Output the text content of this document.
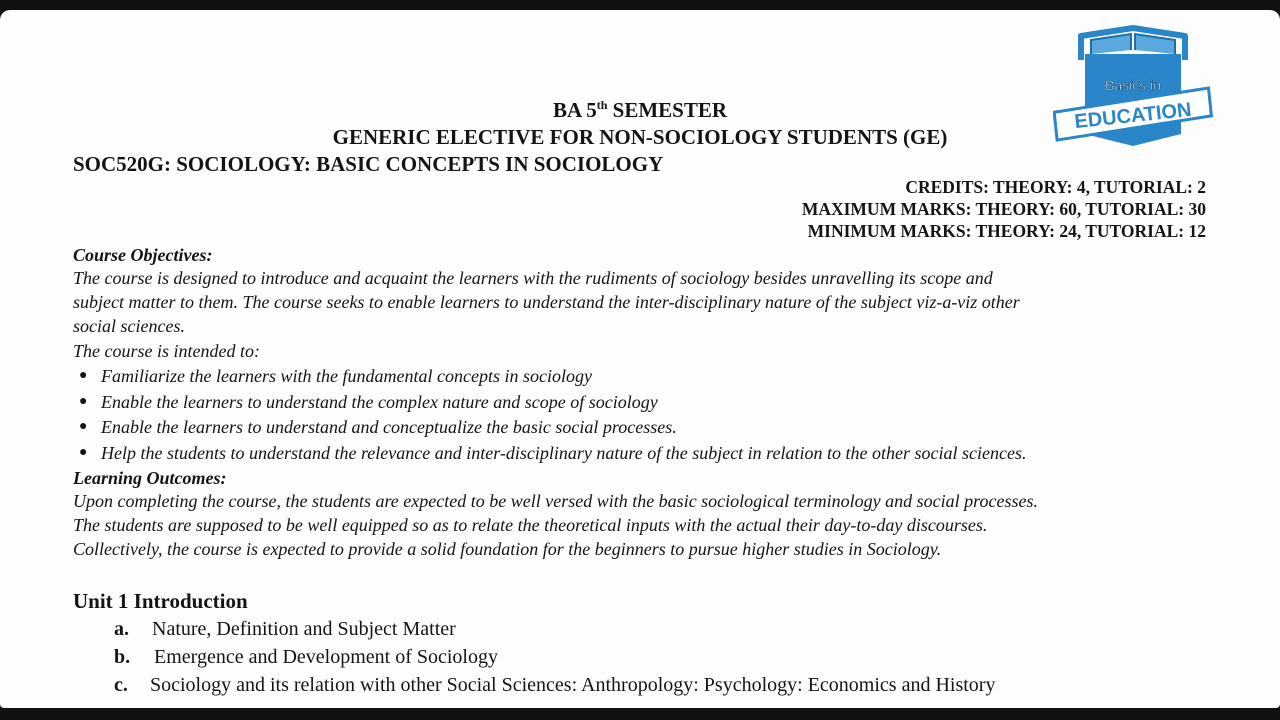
Basics in
EDUCATION
BA 5th SEMESTER
GENERIC ELECTIVE FOR NON-SOCIOLOGY STUDENTS (GE)
SOC520G: SOCIOLOGY: BASIC CONCEPTS IN SOCIOLOGY
CREDITS: THEORY: 4, TUTORIAL: 2
MAXIMUM MARKS: THEORY: 60, TUTORIAL: 30
MINIMUM MARKS: THEORY: 24, TUTORIAL: 12
Course Objectives:
The course is designed to introduce and acquaint the learners with the rudiments of sociology besides unravelling its scope and
subject matter to them. The course seeks to enable learners to understand the inter-disciplinary nature of the subject viz-a-viz other
social sciences.
The course is intended to:
● Familiarize the learners with the fundamental concepts in sociology
● Enable the learners to understand the complex nature and scope of sociology
● Enable the learners to understand and conceptualize the basic social processes.
● Help the students to understand the relevance and inter-disciplinary nature of the subject in relation to the other social sciences.
Learning Outcomes:
Upon completing the course, the students are expected to be well versed with the basic sociological terminology and social processes.
The students are supposed to be well equipped so as to relate the theoretical inputs with the actual their day-to-day discourses.
Collectively, the course is expected to provide a solid foundation for the beginners to pursue higher studies in Sociology.
Unit 1 Introduction
a. Nature, Definition and Subject Matter
b. Emergence and Development of Sociology
c. Sociology and its relation with other Social Sciences: Anthropology: Psychology: Economics and History
